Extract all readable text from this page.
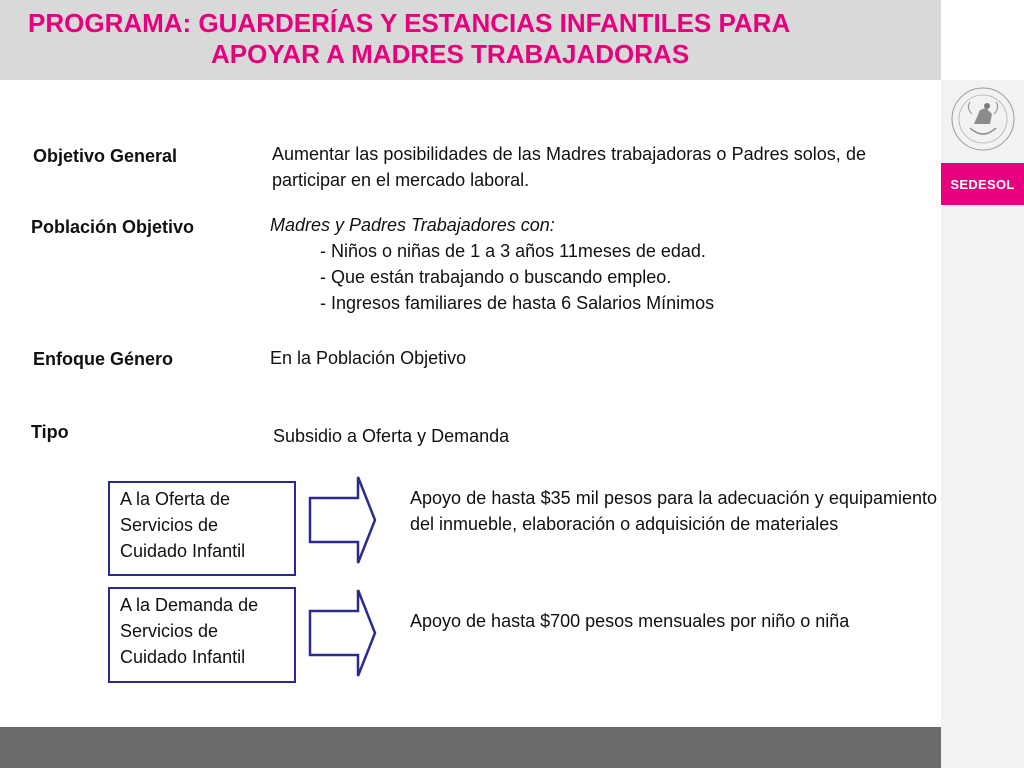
PROGRAMA: GUARDERÍAS Y ESTANCIAS INFANTILES PARA
APOYAR A MADRES TRABAJADORAS
SEDESOL
Objetivo General	Aumentar las posibilidades de las Madres trabajadoras o Padres solos, de participar en el mercado laboral.
Población Objetivo	Madres y Padres Trabajadores con:
- Niños o niñas de 1 a 3 años 11meses de edad.
- Que están trabajando o buscando empleo.
- Ingresos familiares de hasta 6 Salarios Mínimos
Enfoque Género	En la Población Objetivo
Tipo	Subsidio a Oferta y Demanda
A la Oferta de Servicios de Cuidado Infantil
Apoyo de hasta $35 mil pesos para la adecuación y equipamiento del inmueble, elaboración o adquisición de materiales
A la Demanda de Servicios de Cuidado Infantil
Apoyo de hasta $700 pesos mensuales por niño o niña
